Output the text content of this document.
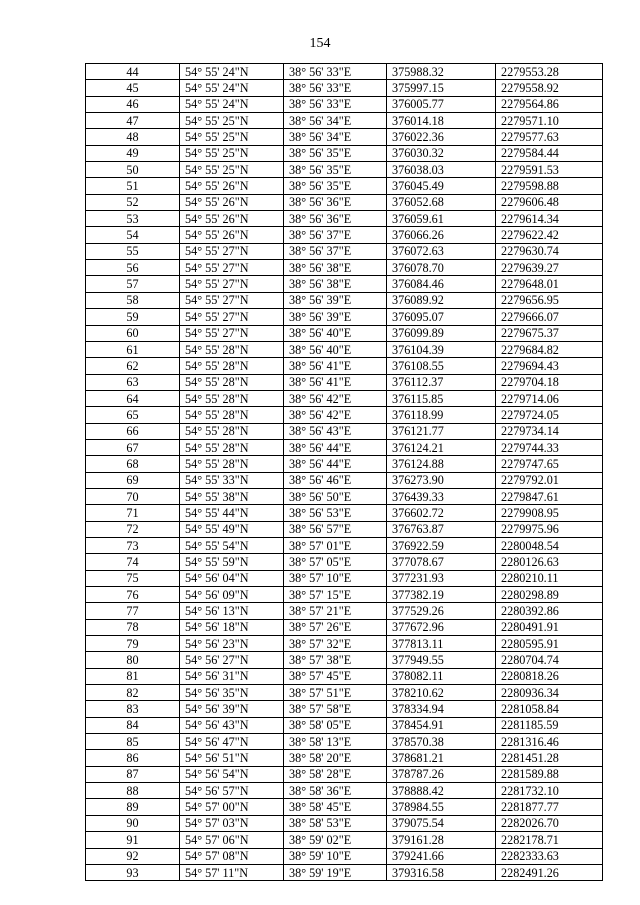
154
44	54° 55' 24"N	38° 56' 33"E	375988.32	2279553.28
45	54° 55' 24"N	38° 56' 33"E	375997.15	2279558.92
46	54° 55' 24"N	38° 56' 33"E	376005.77	2279564.86
47	54° 55' 25"N	38° 56' 34"E	376014.18	2279571.10
48	54° 55' 25"N	38° 56' 34"E	376022.36	2279577.63
49	54° 55' 25"N	38° 56' 35"E	376030.32	2279584.44
50	54° 55' 25"N	38° 56' 35"E	376038.03	2279591.53
51	54° 55' 26"N	38° 56' 35"E	376045.49	2279598.88
52	54° 55' 26"N	38° 56' 36"E	376052.68	2279606.48
53	54° 55' 26"N	38° 56' 36"E	376059.61	2279614.34
54	54° 55' 26"N	38° 56' 37"E	376066.26	2279622.42
55	54° 55' 27"N	38° 56' 37"E	376072.63	2279630.74
56	54° 55' 27"N	38° 56' 38"E	376078.70	2279639.27
57	54° 55' 27"N	38° 56' 38"E	376084.46	2279648.01
58	54° 55' 27"N	38° 56' 39"E	376089.92	2279656.95
59	54° 55' 27"N	38° 56' 39"E	376095.07	2279666.07
60	54° 55' 27"N	38° 56' 40"E	376099.89	2279675.37
61	54° 55' 28"N	38° 56' 40"E	376104.39	2279684.82
62	54° 55' 28"N	38° 56' 41"E	376108.55	2279694.43
63	54° 55' 28"N	38° 56' 41"E	376112.37	2279704.18
64	54° 55' 28"N	38° 56' 42"E	376115.85	2279714.06
65	54° 55' 28"N	38° 56' 42"E	376118.99	2279724.05
66	54° 55' 28"N	38° 56' 43"E	376121.77	2279734.14
67	54° 55' 28"N	38° 56' 44"E	376124.21	2279744.33
68	54° 55' 28"N	38° 56' 44"E	376124.88	2279747.65
69	54° 55' 33"N	38° 56' 46"E	376273.90	2279792.01
70	54° 55' 38"N	38° 56' 50"E	376439.33	2279847.61
71	54° 55' 44"N	38° 56' 53"E	376602.72	2279908.95
72	54° 55' 49"N	38° 56' 57"E	376763.87	2279975.96
73	54° 55' 54"N	38° 57' 01"E	376922.59	2280048.54
74	54° 55' 59"N	38° 57' 05"E	377078.67	2280126.63
75	54° 56' 04"N	38° 57' 10"E	377231.93	2280210.11
76	54° 56' 09"N	38° 57' 15"E	377382.19	2280298.89
77	54° 56' 13"N	38° 57' 21"E	377529.26	2280392.86
78	54° 56' 18"N	38° 57' 26"E	377672.96	2280491.91
79	54° 56' 23"N	38° 57' 32"E	377813.11	2280595.91
80	54° 56' 27"N	38° 57' 38"E	377949.55	2280704.74
81	54° 56' 31"N	38° 57' 45"E	378082.11	2280818.26
82	54° 56' 35"N	38° 57' 51"E	378210.62	2280936.34
83	54° 56' 39"N	38° 57' 58"E	378334.94	2281058.84
84	54° 56' 43"N	38° 58' 05"E	378454.91	2281185.59
85	54° 56' 47"N	38° 58' 13"E	378570.38	2281316.46
86	54° 56' 51"N	38° 58' 20"E	378681.21	2281451.28
87	54° 56' 54"N	38° 58' 28"E	378787.26	2281589.88
88	54° 56' 57"N	38° 58' 36"E	378888.42	2281732.10
89	54° 57' 00"N	38° 58' 45"E	378984.55	2281877.77
90	54° 57' 03"N	38° 58' 53"E	379075.54	2282026.70
91	54° 57' 06"N	38° 59' 02"E	379161.28	2282178.71
92	54° 57' 08"N	38° 59' 10"E	379241.66	2282333.63
93	54° 57' 11"N	38° 59' 19"E	379316.58	2282491.26
